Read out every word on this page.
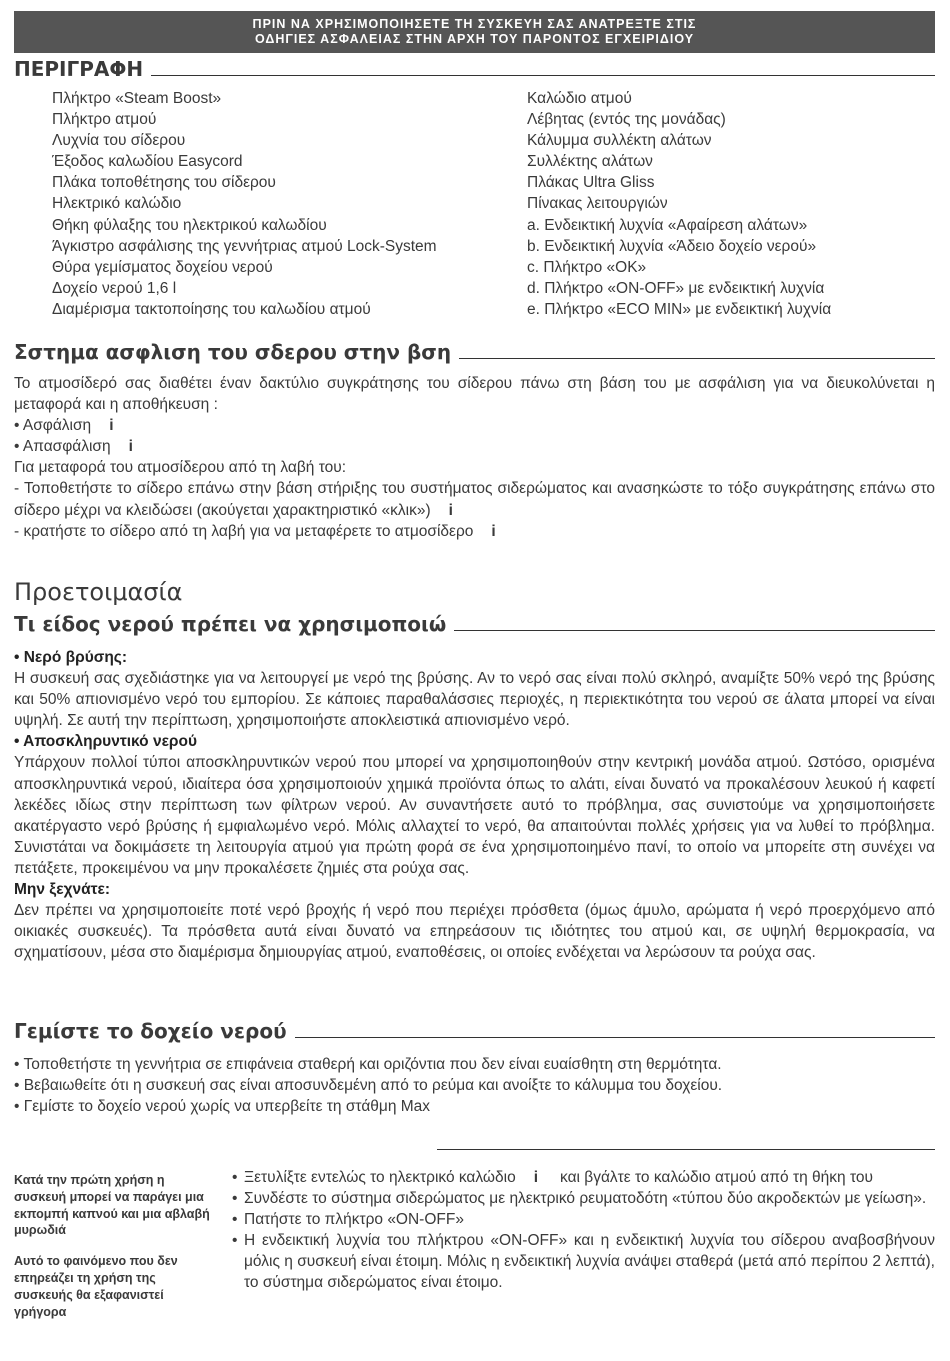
ΠΡΙΝ ΝΑ ΧΡΗΣΙΜΟΠΟΙΗΣΕΤΕ ΤΗ ΣΥΣΚΕΥΗ ΣΑΣ ΑΝΑΤΡΕΞΤΕ ΣΤΙΣ
ΟΔΗΓΙΕΣ ΑΣΦΑΛΕΙΑΣ ΣΤΗΝ ΑΡΧΗ ΤΟΥ ΠΑΡΟΝΤΟΣ ΕΓΧΕΙΡΙΔΙΟΥ
ΠΕΡΙΓΡΑΦΗ
Πλήκτρο «Steam Boost»
Πλήκτρο ατμού
Λυχνία του σίδερου
Έξοδος καλωδίου Easycord
Πλάκα τοποθέτησης του σίδερου
Ηλεκτρικό καλώδιο
Θήκη φύλαξης του ηλεκτρικού καλωδίου
Άγκιστρο ασφάλισης της γεννήτριας ατμού Lock-System
Θύρα γεμίσματος δοχείου νερού
Δοχείο νερού 1,6 l
Διαμέρισμα τακτοποίησης του καλωδίου ατμού
Καλώδιο ατμού
Λέβητας (εντός της μονάδας)
Κάλυμμα συλλέκτη αλάτων
Συλλέκτης αλάτων
Πλάκας Ultra Gliss
Πίνακας λειτουργιών
a. Ενδεικτική λυχνία «Αφαίρεση αλάτων»
b. Ενδεικτική λυχνία «Άδειο δοχείο νερού»
c. Πλήκτρο «OK»
d. Πλήκτρο «ON-OFF» με ενδεικτική λυχνία
e. Πλήκτρο «ECO MIN» με ενδεικτική λυχνία
Σστημα ασφλιση του σδερου στην βση

Το ατμοσίδερό σας διαθέτει έναν δακτύλιο συγκράτησης του σίδερου πάνω στη βάση του με ασφάλιση για να διευκολύνεται η μεταφορά και η αποθήκευση :

• Ασφάλιση i

• Απασφάλιση i

Για μεταφορά του ατμοσίδερου από τη λαβή του:

- Τοποθετήστε το σίδερο επάνω στην βάση στήριξης του συστήματος σιδερώματος και ανασηκώστε το τόξο συγκράτησης επάνω στο σίδερο μέχρι να κλειδώσει (ακούγεται χαρακτηριστικό «κλικ») i

- κρατήστε το σίδερο από τη λαβή για να μεταφέρετε το ατμοσίδερο i

Προετοιμασία
Τι είδος νερού πρέπει να χρησιμοποιώ

• Νερό βρύσης:

Η συσκευή σας σχεδιάστηκε για να λειτουργεί με νερό της βρύσης. Αν το νερό σας είναι πολύ σκληρό, αναμίξτε 50% νερό της βρύσης και 50% απιονισμένο νερό του εμπορίου. Σε κάποιες παραθαλάσσιες περιοχές, η περιεκτικότητα του νερού σε άλατα μπορεί να είναι υψηλή. Σε αυτή την περίπτωση, χρησιμοποιήστε αποκλειστικά απιονισμένο νερό.

• Αποσκληρυντικό νερού

Υπάρχουν πολλοί τύποι αποσκληρυντικών νερού που μπορεί να χρησιμοποιηθούν στην κεντρική μονάδα ατμού. Ωστόσο, ορισμένα αποσκληρυντικά νερού, ιδιαίτερα όσα χρησιμοποιούν χημικά προϊόντα όπως το αλάτι, είναι δυνατό να προκαλέσουν λευκού ή καφετί λεκέδες ιδίως στην περίπτωση των φίλτρων νερού. Αν συναντήσετε αυτό το πρόβλημα, σας συνιστούμε να χρησιμοποιήσετε ακατέργαστο νερό βρύσης ή εμφιαλωμένο νερό. Μόλις αλλαχτεί το νερό, θα απαιτούνται πολλές χρήσεις για να λυθεί το πρόβλημα. Συνιστάται να δοκιμάσετε τη λειτουργία ατμού για πρώτη φορά σε ένα χρησιμοποιημένο πανί, το οποίο να μπορείτε στη συνέχει να πετάξετε, προκειμένου να μην προκαλέσετε ζημιές στα ρούχα σας.

Μην ξεχνάτε:

Δεν πρέπει να χρησιμοποιείτε ποτέ νερό βροχής ή νερό που περιέχει πρόσθετα (όμως άμυλο, αρώματα ή νερό προερχόμενο από οικιακές συσκευές). Τα πρόσθετα αυτά είναι δυνατό να επηρεάσουν τις ιδιότητες του ατμού και, σε υψηλή θερμοκρασία, να σχηματίσουν, μέσα στο διαμέρισμα δημιουργίας ατμού, εναποθέσεις, οι οποίες ενδέχεται να λερώσουν τα ρούχα σας.

Γεμίστε το δοχείο νερού

• Τοποθετήστε τη γεννήτρια σε επιφάνεια σταθερή και οριζόντια που δεν είναι ευαίσθητη στη θερμότητα.

• Βεβαιωθείτε ότι η συσκευή σας είναι αποσυνδεμένη από το ρεύμα και ανοίξτε το κάλυμμα του δοχείου.

• Γεμίστε το δοχείο νερού χωρίς να υπερβείτε τη στάθμη Max

Κατά την πρώτη χρήση η συσκευή μπορεί να παράγει μια εκπομπή καπνού και μια αβλαβή μυρωδιά

Αυτό το φαινόμενο που δεν επηρεάζει τη χρήση της συσκευής θα εξαφανιστεί γρήγορα

• Ξετυλίξτε εντελώς το ηλεκτρικό καλώδιο i και βγάλτε το καλώδιο ατμού από τη θήκη του
• Συνδέστε το σύστημα σιδερώματος με ηλεκτρικό ρευματοδότη «τύπου δύο ακροδεκτών με γείωση».
• Πατήστε το πλήκτρο «ON-OFF»
• Η ενδεικτική λυχνία του πλήκτρου «ON-OFF» και η ενδεικτική λυχνία του σίδερου αναβοσβήνουν μόλις η συσκευή είναι έτοιμη. Μόλις η ενδεικτική λυχνία ανάψει σταθερά (μετά από περίπου 2 λεπτά), το σύστημα σιδερώματος είναι έτοιμο.
